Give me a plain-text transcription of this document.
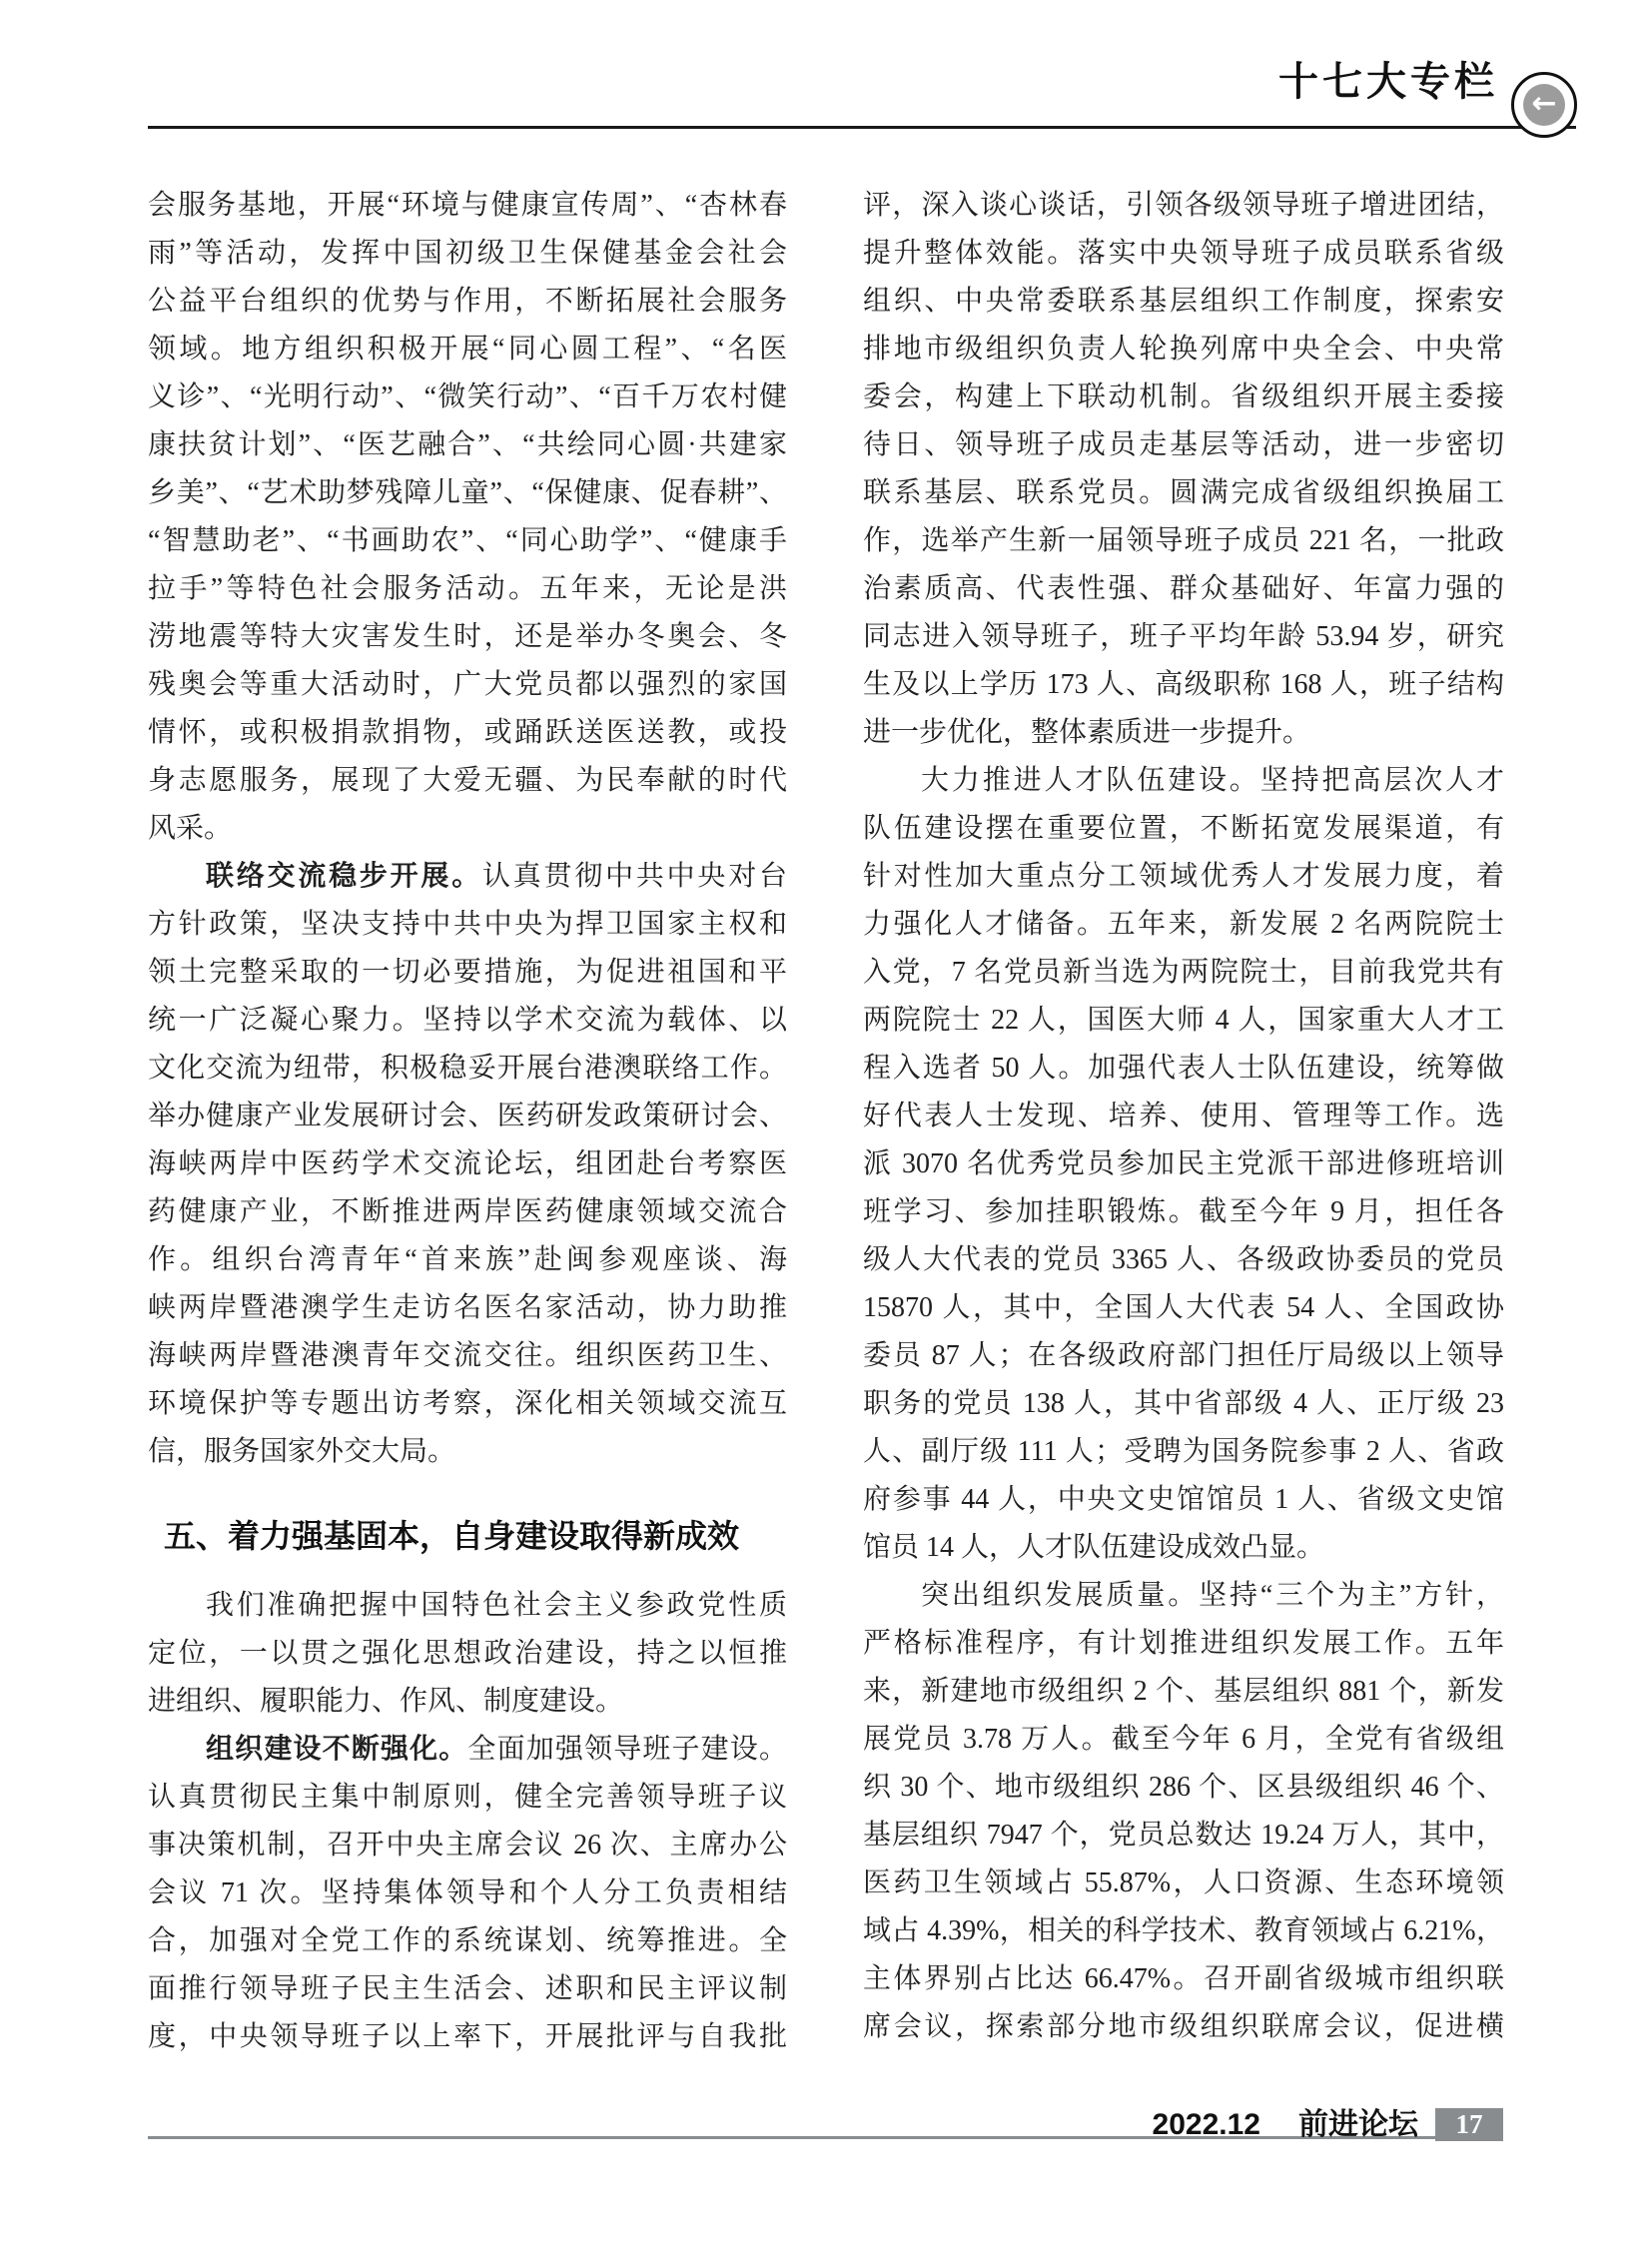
十七大专栏 ←
会服务基地，开展“环境与健康宣传周”、“杏林春
雨”等活动，发挥中国初级卫生保健基金会社会
公益平台组织的优势与作用，不断拓展社会服务
领域。地方组织积极开展“同心圆工程”、“名医
义诊”、“光明行动”、“微笑行动”、“百千万农村健
康扶贫计划”、“医艺融合”、“共绘同心圆·共建家
乡美”、“艺术助梦残障儿童”、“保健康、促春耕”、
“智慧助老”、“书画助农”、“同心助学”、“健康手
拉手”等特色社会服务活动。五年来，无论是洪
涝地震等特大灾害发生时，还是举办冬奥会、冬
残奥会等重大活动时，广大党员都以强烈的家国
情怀，或积极捐款捐物，或踊跃送医送教，或投
身志愿服务，展现了大爱无疆、为民奉献的时代
风采。
联络交流稳步开展。认真贯彻中共中央对台
方针政策，坚决支持中共中央为捍卫国家主权和
领土完整采取的一切必要措施，为促进祖国和平
统一广泛凝心聚力。坚持以学术交流为载体、以
文化交流为纽带，积极稳妥开展台港澳联络工作。
举办健康产业发展研讨会、医药研发政策研讨会、
海峡两岸中医药学术交流论坛，组团赴台考察医
药健康产业，不断推进两岸医药健康领域交流合
作。组织台湾青年“首来族”赴闽参观座谈、海
峡两岸暨港澳学生走访名医名家活动，协力助推
海峡两岸暨港澳青年交流交往。组织医药卫生、
环境保护等专题出访考察，深化相关领域交流互
信，服务国家外交大局。
五、着力强基固本，自身建设取得新成效
我们准确把握中国特色社会主义参政党性质
定位，一以贯之强化思想政治建设，持之以恒推
进组织、履职能力、作风、制度建设。
组织建设不断强化。全面加强领导班子建设。
认真贯彻民主集中制原则，健全完善领导班子议
事决策机制，召开中央主席会议 26 次、主席办公
会议 71 次。坚持集体领导和个人分工负责相结
合，加强对全党工作的系统谋划、统筹推进。全
面推行领导班子民主生活会、述职和民主评议制
度，中央领导班子以上率下，开展批评与自我批
评，深入谈心谈话，引领各级领导班子增进团结，
提升整体效能。落实中央领导班子成员联系省级
组织、中央常委联系基层组织工作制度，探索安
排地市级组织负责人轮换列席中央全会、中央常
委会，构建上下联动机制。省级组织开展主委接
待日、领导班子成员走基层等活动，进一步密切
联系基层、联系党员。圆满完成省级组织换届工
作，选举产生新一届领导班子成员 221 名，一批政
治素质高、代表性强、群众基础好、年富力强的
同志进入领导班子，班子平均年龄 53.94 岁，研究
生及以上学历 173 人、高级职称 168 人，班子结构
进一步优化，整体素质进一步提升。
大力推进人才队伍建设。坚持把高层次人才
队伍建设摆在重要位置，不断拓宽发展渠道，有
针对性加大重点分工领域优秀人才发展力度，着
力强化人才储备。五年来，新发展 2 名两院院士
入党，7 名党员新当选为两院院士，目前我党共有
两院院士 22 人，国医大师 4 人，国家重大人才工
程入选者 50 人。加强代表人士队伍建设，统筹做
好代表人士发现、培养、使用、管理等工作。选
派 3070 名优秀党员参加民主党派干部进修班培训
班学习、参加挂职锻炼。截至今年 9 月，担任各
级人大代表的党员 3365 人、各级政协委员的党员
15870 人，其中，全国人大代表 54 人、全国政协
委员 87 人；在各级政府部门担任厅局级以上领导
职务的党员 138 人，其中省部级 4 人、正厅级 23
人、副厅级 111 人；受聘为国务院参事 2 人、省政
府参事 44 人，中央文史馆馆员 1 人、省级文史馆
馆员 14 人，人才队伍建设成效凸显。
突出组织发展质量。坚持“三个为主”方针，
严格标准程序，有计划推进组织发展工作。五年
来，新建地市级组织 2 个、基层组织 881 个，新发
展党员 3.78 万人。截至今年 6 月，全党有省级组
织 30 个、地市级组织 286 个、区县级组织 46 个、
基层组织 7947 个，党员总数达 19.24 万人，其中，
医药卫生领域占 55.87%，人口资源、生态环境领
域占 4.39%，相关的科学技术、教育领域占 6.21%，
主体界别占比达 66.47%。召开副省级城市组织联
席会议，探索部分地市级组织联席会议，促进横
2022.12 前进论坛 17
